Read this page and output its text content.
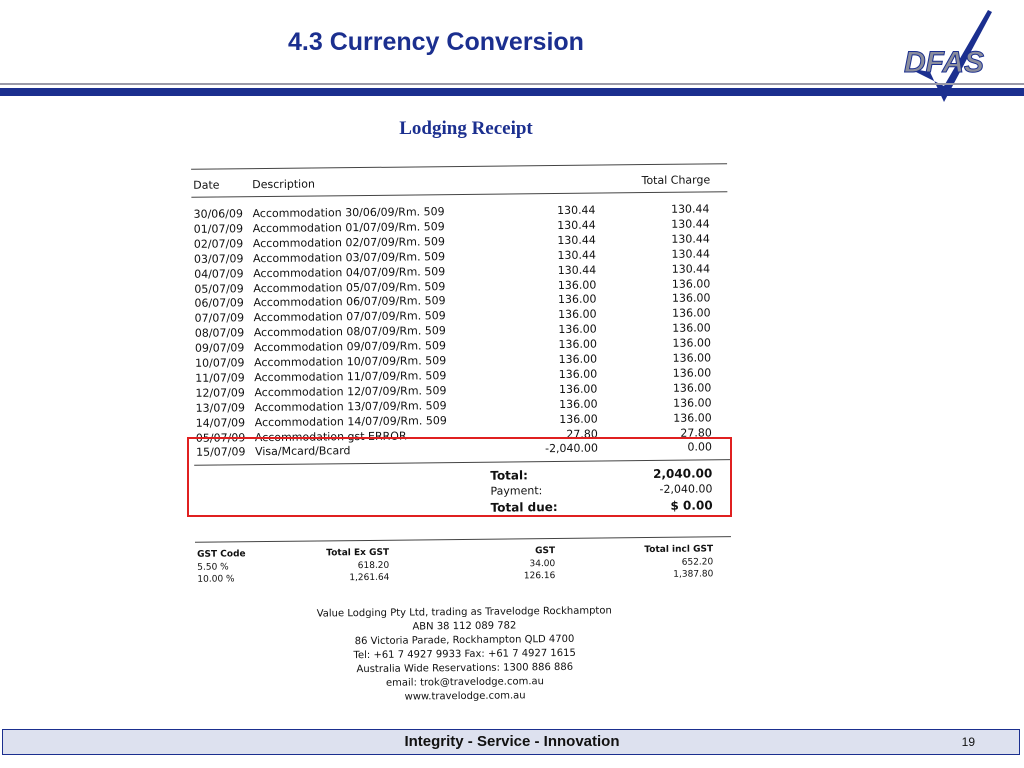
4.3 Currency Conversion
DFAS
Lodging Receipt
Date	Description	Total Charge
30/06/09 Accommodation 30/06/09/Rm. 509	130.44	130.44
01/07/09 Accommodation 01/07/09/Rm. 509	130.44	130.44
02/07/09 Accommodation 02/07/09/Rm. 509	130.44	130.44
03/07/09 Accommodation 03/07/09/Rm. 509	130.44	130.44
04/07/09 Accommodation 04/07/09/Rm. 509	130.44	130.44
05/07/09 Accommodation 05/07/09/Rm. 509	136.00	136.00
06/07/09 Accommodation 06/07/09/Rm. 509	136.00	136.00
07/07/09 Accommodation 07/07/09/Rm. 509	136.00	136.00
08/07/09 Accommodation 08/07/09/Rm. 509	136.00	136.00
09/07/09 Accommodation 09/07/09/Rm. 509	136.00	136.00
10/07/09 Accommodation 10/07/09/Rm. 509	136.00	136.00
11/07/09 Accommodation 11/07/09/Rm. 509	136.00	136.00
12/07/09 Accommodation 12/07/09/Rm. 509	136.00	136.00
13/07/09 Accommodation 13/07/09/Rm. 509	136.00	136.00
14/07/09 Accommodation 14/07/09/Rm. 509	136.00	136.00
05/07/09 Accommodation gst ERROR	27.80	27.80
15/07/09 Visa/Mcard/Bcard	-2,040.00	0.00
Total:	2,040.00
Payment:	-2,040.00
Total due:	$ 0.00
GST Code	Total Ex GST	GST	Total incl GST
5.50 %	618.20	34.00	652.20
10.00 %	1,261.64	126.16	1,387.80
Value Lodging Pty Ltd, trading as Travelodge Rockhampton
ABN 38 112 089 782
86 Victoria Parade, Rockhampton QLD 4700
Tel: +61 7 4927 9933 Fax: +61 7 4927 1615
Australia Wide Reservations: 1300 886 886
email: trok@travelodge.com.au
www.travelodge.com.au
Integrity - Service - Innovation	19
